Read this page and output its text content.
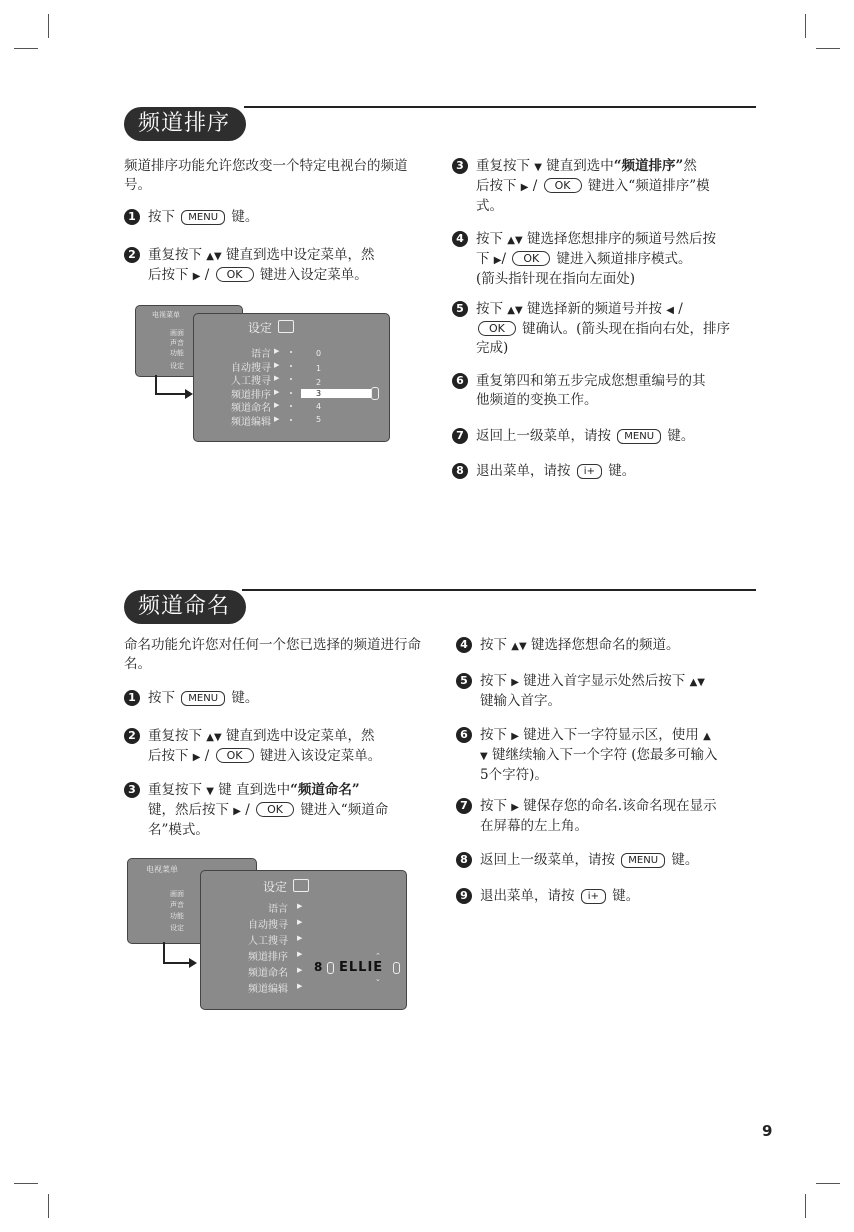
频道排序
频道排序功能允许您改变一个特定电视台的频道号。
1 按下 MENU 键。
2 重复按下 ▲▼ 键直到选中设定菜单，然
后按下 ▶ / OK 键进入设定菜单。
电视菜单
画面
声音
功能
设定
设定
语言 ▶
自动搜寻 ▶
人工搜寻 ▶
频道排序 ▶
频道命名 ▶
频道编辑 ▶
0
1
2
3
4
5
3 重复按下 ▼ 键直到选中“频道排序”然
后按下 ▶ / OK 键进入“频道排序”模
式。
4 按下 ▲▼ 键选择您想排序的频道号然后按
下 ▶/ OK 键进入频道排序模式。
(箭头指针现在指向左面处)
5 按下 ▲▼ 键选择新的频道号并按 ◀ /
OK 键确认。(箭头现在指向右处，排序
完成)
6 重复第四和第五步完成您想重编号的其
他频道的变换工作。
7 返回上一级菜单，请按 MENU 键。
8 退出菜单，请按 i+ 键。
频道命名
命名功能允许您对任何一个您已选择的频道进行命名。
1 按下 MENU 键。
2 重复按下 ▲▼ 键直到选中设定菜单，然
后按下 ▶ / OK 键进入该设定菜单。
3 重复按下 ▼ 键 直到选中“频道命名”
键，然后按下 ▶ / OK 键进入“频道命
名”模式。
电视菜单
画面
声音
功能
设定
设定
语言 ▶
自动搜寻 ▶
人工搜寻 ▶
频道排序 ▶
频道命名 ▶
频道编辑 ▶
8 ELLIE
⌃
⌄
4 按下 ▲▼ 键选择您想命名的频道。
5 按下 ▶ 键进入首字显示处然后按下 ▲▼
键输入首字。
6 按下 ▶ 键进入下一字符显示区，使用 ▲
▼ 键继续输入下一个字符 (您最多可输入
5个字符)。
7 按下 ▶ 键保存您的命名.该命名现在显示
在屏幕的左上角。
8 返回上一级菜单，请按 MENU 键。
9 退出菜单，请按 i+ 键。
9
